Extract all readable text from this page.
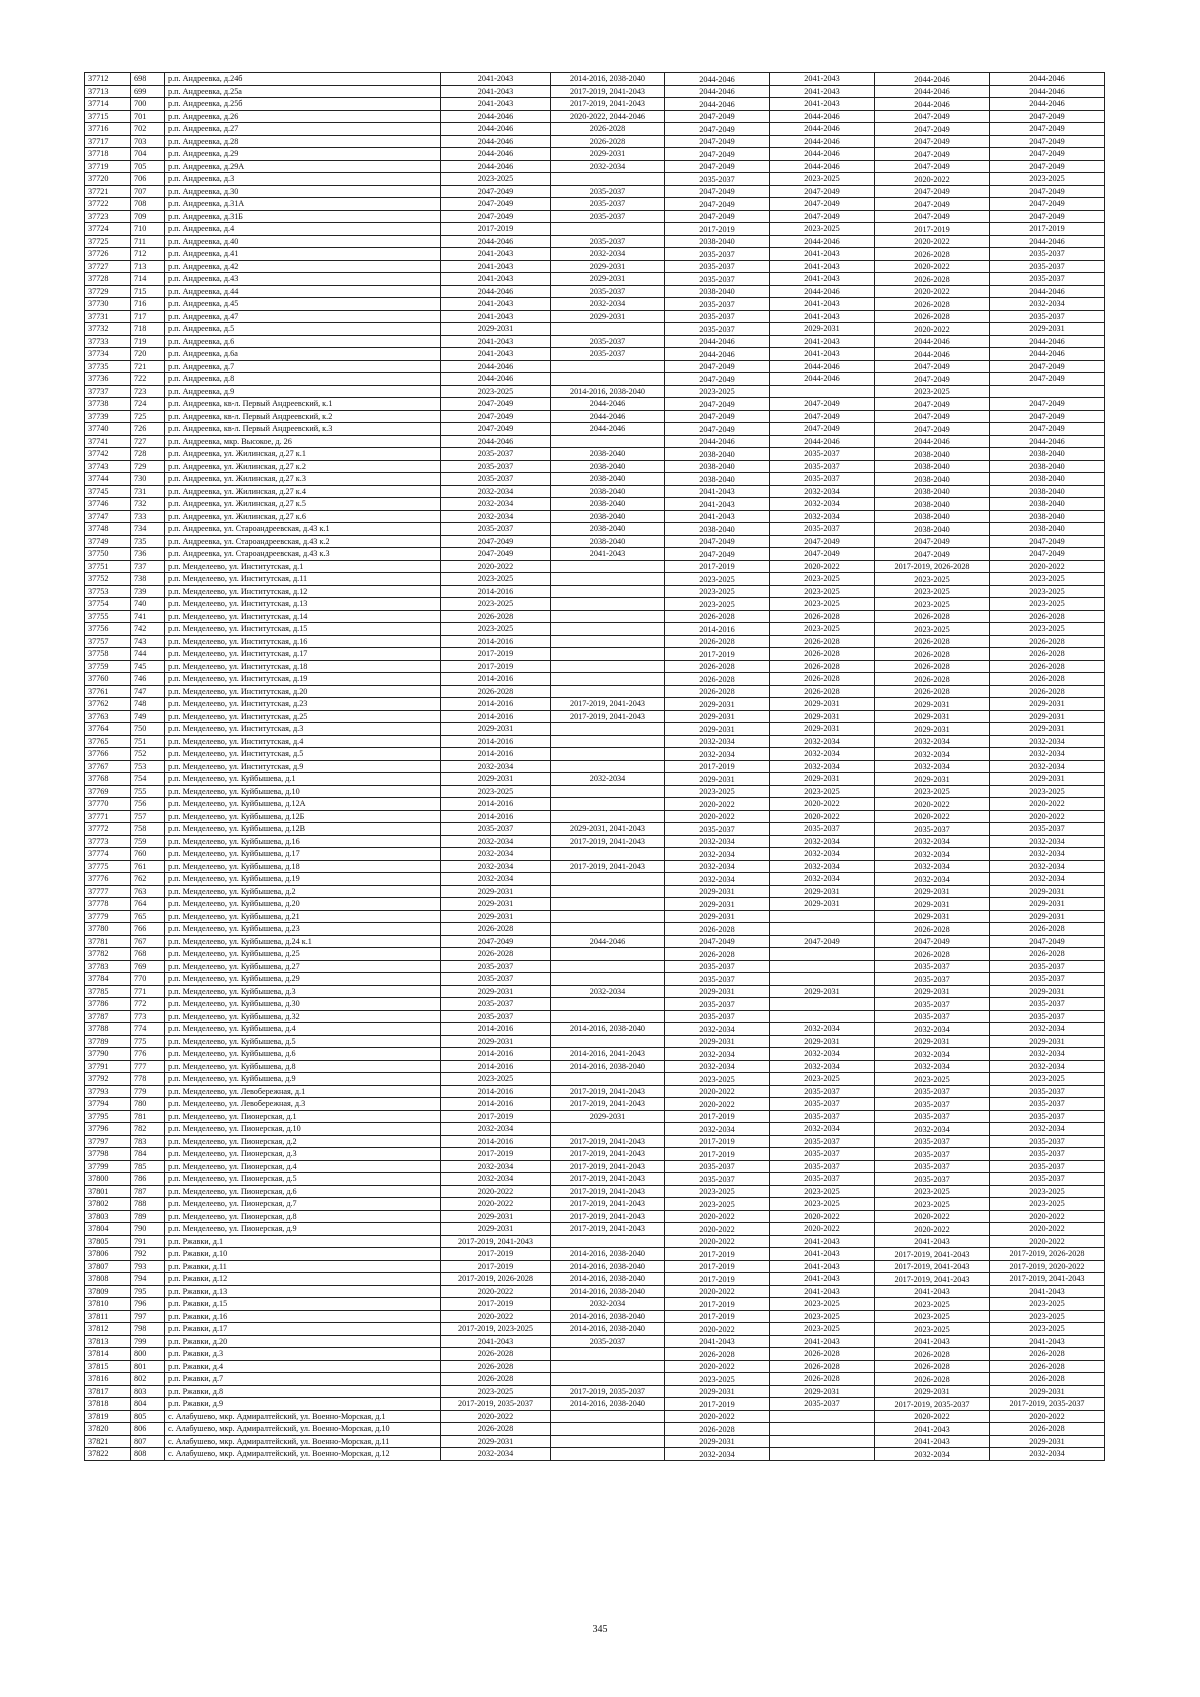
37712	698	р.п. Андреевка, д.24б	2041-2043	2014-2016, 2038-2040	2044-2046	2041-2043	2044-2046	2044-2046
37713	699	р.п. Андреевка, д.25а	2041-2043	2017-2019, 2041-2043	2044-2046	2041-2043	2044-2046	2044-2046
37714	700	р.п. Андреевка, д.25б	2041-2043	2017-2019, 2041-2043	2044-2046	2041-2043	2044-2046	2044-2046
37715	701	р.п. Андреевка, д.26	2044-2046	2020-2022, 2044-2046	2047-2049	2044-2046	2047-2049	2047-2049
37716	702	р.п. Андреевка, д.27	2044-2046	2026-2028	2047-2049	2044-2046	2047-2049	2047-2049
37717	703	р.п. Андреевка, д.28	2044-2046	2026-2028	2047-2049	2044-2046	2047-2049	2047-2049
37718	704	р.п. Андреевка, д.29	2044-2046	2029-2031	2047-2049	2044-2046	2047-2049	2047-2049
37719	705	р.п. Андреевка, д.29А	2044-2046	2032-2034	2047-2049	2044-2046	2047-2049	2047-2049
37720	706	р.п. Андреевка, д.3	2023-2025		2035-2037	2023-2025	2020-2022	2023-2025
37721	707	р.п. Андреевка, д.30	2047-2049	2035-2037	2047-2049	2047-2049	2047-2049	2047-2049
37722	708	р.п. Андреевка, д.31А	2047-2049	2035-2037	2047-2049	2047-2049	2047-2049	2047-2049
37723	709	р.п. Андреевка, д.31Б	2047-2049	2035-2037	2047-2049	2047-2049	2047-2049	2047-2049
37724	710	р.п. Андреевка, д.4	2017-2019		2017-2019	2023-2025	2017-2019	2017-2019
37725	711	р.п. Андреевка, д.40	2044-2046	2035-2037	2038-2040	2044-2046	2020-2022	2044-2046
37726	712	р.п. Андреевка, д.41	2041-2043	2032-2034	2035-2037	2041-2043	2026-2028	2035-2037
37727	713	р.п. Андреевка, д.42	2041-2043	2029-2031	2035-2037	2041-2043	2020-2022	2035-2037
37728	714	р.п. Андреевка, д.43	2041-2043	2029-2031	2035-2037	2041-2043	2026-2028	2035-2037
37729	715	р.п. Андреевка, д.44	2044-2046	2035-2037	2038-2040	2044-2046	2020-2022	2044-2046
37730	716	р.п. Андреевка, д.45	2041-2043	2032-2034	2035-2037	2041-2043	2026-2028	2032-2034
37731	717	р.п. Андреевка, д.47	2041-2043	2029-2031	2035-2037	2041-2043	2026-2028	2035-2037
37732	718	р.п. Андреевка, д.5	2029-2031		2035-2037	2029-2031	2020-2022	2029-2031
37733	719	р.п. Андреевка, д.6	2041-2043	2035-2037	2044-2046	2041-2043	2044-2046	2044-2046
37734	720	р.п. Андреевка, д.6а	2041-2043	2035-2037	2044-2046	2041-2043	2044-2046	2044-2046
37735	721	р.п. Андреевка, д.7	2044-2046		2047-2049	2044-2046	2047-2049	2047-2049
37736	722	р.п. Андреевка, д.8	2044-2046		2047-2049	2044-2046	2047-2049	2047-2049
37737	723	р.п. Андреевка, д.9	2023-2025	2014-2016, 2038-2040	2023-2025		2023-2025	
37738	724	р.п. Андреевка, кв-л. Первый Андреевский, к.1	2047-2049	2044-2046	2047-2049	2047-2049	2047-2049	2047-2049
37739	725	р.п. Андреевка, кв-л. Первый Андреевский, к.2	2047-2049	2044-2046	2047-2049	2047-2049	2047-2049	2047-2049
37740	726	р.п. Андреевка, кв-л. Первый Андреевский, к.3	2047-2049	2044-2046	2047-2049	2047-2049	2047-2049	2047-2049
37741	727	р.п. Андреевка, мкр. Высокое, д. 26	2044-2046		2044-2046	2044-2046	2044-2046	2044-2046
37742	728	р.п. Андреевка, ул. Жилинская, д.27 к.1	2035-2037	2038-2040	2038-2040	2035-2037	2038-2040	2038-2040
37743	729	р.п. Андреевка, ул. Жилинская, д.27 к.2	2035-2037	2038-2040	2038-2040	2035-2037	2038-2040	2038-2040
37744	730	р.п. Андреевка, ул. Жилинская, д.27 к.3	2035-2037	2038-2040	2038-2040	2035-2037	2038-2040	2038-2040
37745	731	р.п. Андреевка, ул. Жилинская, д.27 к.4	2032-2034	2038-2040	2041-2043	2032-2034	2038-2040	2038-2040
37746	732	р.п. Андреевка, ул. Жилинская, д.27 к.5	2032-2034	2038-2040	2041-2043	2032-2034	2038-2040	2038-2040
37747	733	р.п. Андреевка, ул. Жилинская, д.27 к.6	2032-2034	2038-2040	2041-2043	2032-2034	2038-2040	2038-2040
37748	734	р.п. Андреевка, ул. Староандреевская, д.43 к.1	2035-2037	2038-2040	2038-2040	2035-2037	2038-2040	2038-2040
37749	735	р.п. Андреевка, ул. Староандреевская, д.43 к.2	2047-2049	2038-2040	2047-2049	2047-2049	2047-2049	2047-2049
37750	736	р.п. Андреевка, ул. Староандреевская, д.43 к.3	2047-2049	2041-2043	2047-2049	2047-2049	2047-2049	2047-2049
37751	737	р.п. Менделеево, ул. Институтская, д.1	2020-2022		2017-2019	2020-2022	2017-2019, 2026-2028	2020-2022
37752	738	р.п. Менделеево, ул. Институтская, д.11	2023-2025		2023-2025	2023-2025	2023-2025	2023-2025
37753	739	р.п. Менделеево, ул. Институтская, д.12	2014-2016		2023-2025	2023-2025	2023-2025	2023-2025
37754	740	р.п. Менделеево, ул. Институтская, д.13	2023-2025		2023-2025	2023-2025	2023-2025	2023-2025
37755	741	р.п. Менделеево, ул. Институтская, д.14	2026-2028		2026-2028	2026-2028	2026-2028	2026-2028
37756	742	р.п. Менделеево, ул. Институтская, д.15	2023-2025		2014-2016	2023-2025	2023-2025	2023-2025
37757	743	р.п. Менделеево, ул. Институтская, д.16	2014-2016		2026-2028	2026-2028	2026-2028	2026-2028
37758	744	р.п. Менделеево, ул. Институтская, д.17	2017-2019		2017-2019	2026-2028	2026-2028	2026-2028
37759	745	р.п. Менделеево, ул. Институтская, д.18	2017-2019		2026-2028	2026-2028	2026-2028	2026-2028
37760	746	р.п. Менделеево, ул. Институтская, д.19	2014-2016		2026-2028	2026-2028	2026-2028	2026-2028
37761	747	р.п. Менделеево, ул. Институтская, д.20	2026-2028		2026-2028	2026-2028	2026-2028	2026-2028
37762	748	р.п. Менделеево, ул. Институтская, д.23	2014-2016	2017-2019, 2041-2043	2029-2031	2029-2031	2029-2031	2029-2031
37763	749	р.п. Менделеево, ул. Институтская, д.25	2014-2016	2017-2019, 2041-2043	2029-2031	2029-2031	2029-2031	2029-2031
37764	750	р.п. Менделеево, ул. Институтская, д.3	2029-2031		2029-2031	2029-2031	2029-2031	2029-2031
37765	751	р.п. Менделеево, ул. Институтская, д.4	2014-2016		2032-2034	2032-2034	2032-2034	2032-2034
37766	752	р.п. Менделеево, ул. Институтская, д.5	2014-2016		2032-2034	2032-2034	2032-2034	2032-2034
37767	753	р.п. Менделеево, ул. Институтская, д.9	2032-2034		2017-2019	2032-2034	2032-2034	2032-2034
37768	754	р.п. Менделеево, ул. Куйбышева, д.1	2029-2031	2032-2034	2029-2031	2029-2031	2029-2031	2029-2031
37769	755	р.п. Менделеево, ул. Куйбышева, д.10	2023-2025		2023-2025	2023-2025	2023-2025	2023-2025
37770	756	р.п. Менделеево, ул. Куйбышева, д.12А	2014-2016		2020-2022	2020-2022	2020-2022	2020-2022
37771	757	р.п. Менделеево, ул. Куйбышева, д.12Б	2014-2016		2020-2022	2020-2022	2020-2022	2020-2022
37772	758	р.п. Менделеево, ул. Куйбышева, д.12В	2035-2037	2029-2031, 2041-2043	2035-2037	2035-2037	2035-2037	2035-2037
37773	759	р.п. Менделеево, ул. Куйбышева, д.16	2032-2034	2017-2019, 2041-2043	2032-2034	2032-2034	2032-2034	2032-2034
37774	760	р.п. Менделеево, ул. Куйбышева, д.17	2032-2034		2032-2034	2032-2034	2032-2034	2032-2034
37775	761	р.п. Менделеево, ул. Куйбышева, д.18	2032-2034	2017-2019, 2041-2043	2032-2034	2032-2034	2032-2034	2032-2034
37776	762	р.п. Менделеево, ул. Куйбышева, д.19	2032-2034		2032-2034	2032-2034	2032-2034	2032-2034
37777	763	р.п. Менделеево, ул. Куйбышева, д.2	2029-2031		2029-2031	2029-2031	2029-2031	2029-2031
37778	764	р.п. Менделеево, ул. Куйбышева, д.20	2029-2031		2029-2031	2029-2031	2029-2031	2029-2031
37779	765	р.п. Менделеево, ул. Куйбышева, д.21	2029-2031		2029-2031		2029-2031	2029-2031
37780	766	р.п. Менделеево, ул. Куйбышева, д.23	2026-2028		2026-2028		2026-2028	2026-2028
37781	767	р.п. Менделеево, ул. Куйбышева, д.24 к.1	2047-2049	2044-2046	2047-2049	2047-2049	2047-2049	2047-2049
37782	768	р.п. Менделеево, ул. Куйбышева, д.25	2026-2028		2026-2028		2026-2028	2026-2028
37783	769	р.п. Менделеево, ул. Куйбышева, д.27	2035-2037		2035-2037		2035-2037	2035-2037
37784	770	р.п. Менделеево, ул. Куйбышева, д.29	2035-2037		2035-2037		2035-2037	2035-2037
37785	771	р.п. Менделеево, ул. Куйбышева, д.3	2029-2031	2032-2034	2029-2031	2029-2031	2029-2031	2029-2031
37786	772	р.п. Менделеево, ул. Куйбышева, д.30	2035-2037		2035-2037		2035-2037	2035-2037
37787	773	р.п. Менделеево, ул. Куйбышева, д.32	2035-2037		2035-2037		2035-2037	2035-2037
37788	774	р.п. Менделеево, ул. Куйбышева, д.4	2014-2016	2014-2016, 2038-2040	2032-2034	2032-2034	2032-2034	2032-2034
37789	775	р.п. Менделеево, ул. Куйбышева, д.5	2029-2031		2029-2031	2029-2031	2029-2031	2029-2031
37790	776	р.п. Менделеево, ул. Куйбышева, д.6	2014-2016	2014-2016, 2041-2043	2032-2034	2032-2034	2032-2034	2032-2034
37791	777	р.п. Менделеево, ул. Куйбышева, д.8	2014-2016	2014-2016, 2038-2040	2032-2034	2032-2034	2032-2034	2032-2034
37792	778	р.п. Менделеево, ул. Куйбышева, д.9	2023-2025		2023-2025	2023-2025	2023-2025	2023-2025
37793	779	р.п. Менделеево, ул. Левобережная, д.1	2014-2016	2017-2019, 2041-2043	2020-2022	2035-2037	2035-2037	2035-2037
37794	780	р.п. Менделеево, ул. Левобережная, д.3	2014-2016	2017-2019, 2041-2043	2020-2022	2035-2037	2035-2037	2035-2037
37795	781	р.п. Менделеево, ул. Пионерская, д.1	2017-2019	2029-2031	2017-2019	2035-2037	2035-2037	2035-2037
37796	782	р.п. Менделеево, ул. Пионерская, д.10	2032-2034		2032-2034	2032-2034	2032-2034	2032-2034
37797	783	р.п. Менделеево, ул. Пионерская, д.2	2014-2016	2017-2019, 2041-2043	2017-2019	2035-2037	2035-2037	2035-2037
37798	784	р.п. Менделеево, ул. Пионерская, д.3	2017-2019	2017-2019, 2041-2043	2017-2019	2035-2037	2035-2037	2035-2037
37799	785	р.п. Менделеево, ул. Пионерская, д.4	2032-2034	2017-2019, 2041-2043	2035-2037	2035-2037	2035-2037	2035-2037
37800	786	р.п. Менделеево, ул. Пионерская, д.5	2032-2034	2017-2019, 2041-2043	2035-2037	2035-2037	2035-2037	2035-2037
37801	787	р.п. Менделеево, ул. Пионерская, д.6	2020-2022	2017-2019, 2041-2043	2023-2025	2023-2025	2023-2025	2023-2025
37802	788	р.п. Менделеево, ул. Пионерская, д.7	2020-2022	2017-2019, 2041-2043	2023-2025	2023-2025	2023-2025	2023-2025
37803	789	р.п. Менделеево, ул. Пионерская, д.8	2029-2031	2017-2019, 2041-2043	2020-2022	2020-2022	2020-2022	2020-2022
37804	790	р.п. Менделеево, ул. Пионерская, д.9	2029-2031	2017-2019, 2041-2043	2020-2022	2020-2022	2020-2022	2020-2022
37805	791	р.п. Ржавки, д.1	2017-2019, 2041-2043		2020-2022	2041-2043	2041-2043	2020-2022
37806	792	р.п. Ржавки, д.10	2017-2019	2014-2016, 2038-2040	2017-2019	2041-2043	2017-2019, 2041-2043	2017-2019, 2026-2028
37807	793	р.п. Ржавки, д.11	2017-2019	2014-2016, 2038-2040	2017-2019	2041-2043	2017-2019, 2041-2043	2017-2019, 2020-2022
37808	794	р.п. Ржавки, д.12	2017-2019, 2026-2028	2014-2016, 2038-2040	2017-2019	2041-2043	2017-2019, 2041-2043	2017-2019, 2041-2043
37809	795	р.п. Ржавки, д.13	2020-2022	2014-2016, 2038-2040	2020-2022	2041-2043	2041-2043	2041-2043
37810	796	р.п. Ржавки, д.15	2017-2019	2032-2034	2017-2019	2023-2025	2023-2025	2023-2025
37811	797	р.п. Ржавки, д.16	2020-2022	2014-2016, 2038-2040	2017-2019	2023-2025	2023-2025	2023-2025
37812	798	р.п. Ржавки, д.17	2017-2019, 2023-2025	2014-2016, 2038-2040	2020-2022	2023-2025	2023-2025	2023-2025
37813	799	р.п. Ржавки, д.20	2041-2043	2035-2037	2041-2043	2041-2043	2041-2043	2041-2043
37814	800	р.п. Ржавки, д.3	2026-2028		2026-2028	2026-2028	2026-2028	2026-2028
37815	801	р.п. Ржавки, д.4	2026-2028		2020-2022	2026-2028	2026-2028	2026-2028
37816	802	р.п. Ржавки, д.7	2026-2028		2023-2025	2026-2028	2026-2028	2026-2028
37817	803	р.п. Ржавки, д.8	2023-2025	2017-2019, 2035-2037	2029-2031	2029-2031	2029-2031	2029-2031
37818	804	р.п. Ржавки, д.9	2017-2019, 2035-2037	2014-2016, 2038-2040	2017-2019	2035-2037	2017-2019, 2035-2037	2017-2019, 2035-2037
37819	805	с. Алабушево, мкр. Адмиралтейский, ул. Военно-Морская, д.1	2020-2022		2020-2022		2020-2022	2020-2022
37820	806	с. Алабушево, мкр. Адмиралтейский, ул. Военно-Морская, д.10	2026-2028		2026-2028		2041-2043	2026-2028
37821	807	с. Алабушево, мкр. Адмиралтейский, ул. Военно-Морская, д.11	2029-2031		2029-2031		2041-2043	2029-2031
37822	808	с. Алабушево, мкр. Адмиралтейский, ул. Военно-Морская, д.12	2032-2034		2032-2034		2032-2034	2032-2034
345
